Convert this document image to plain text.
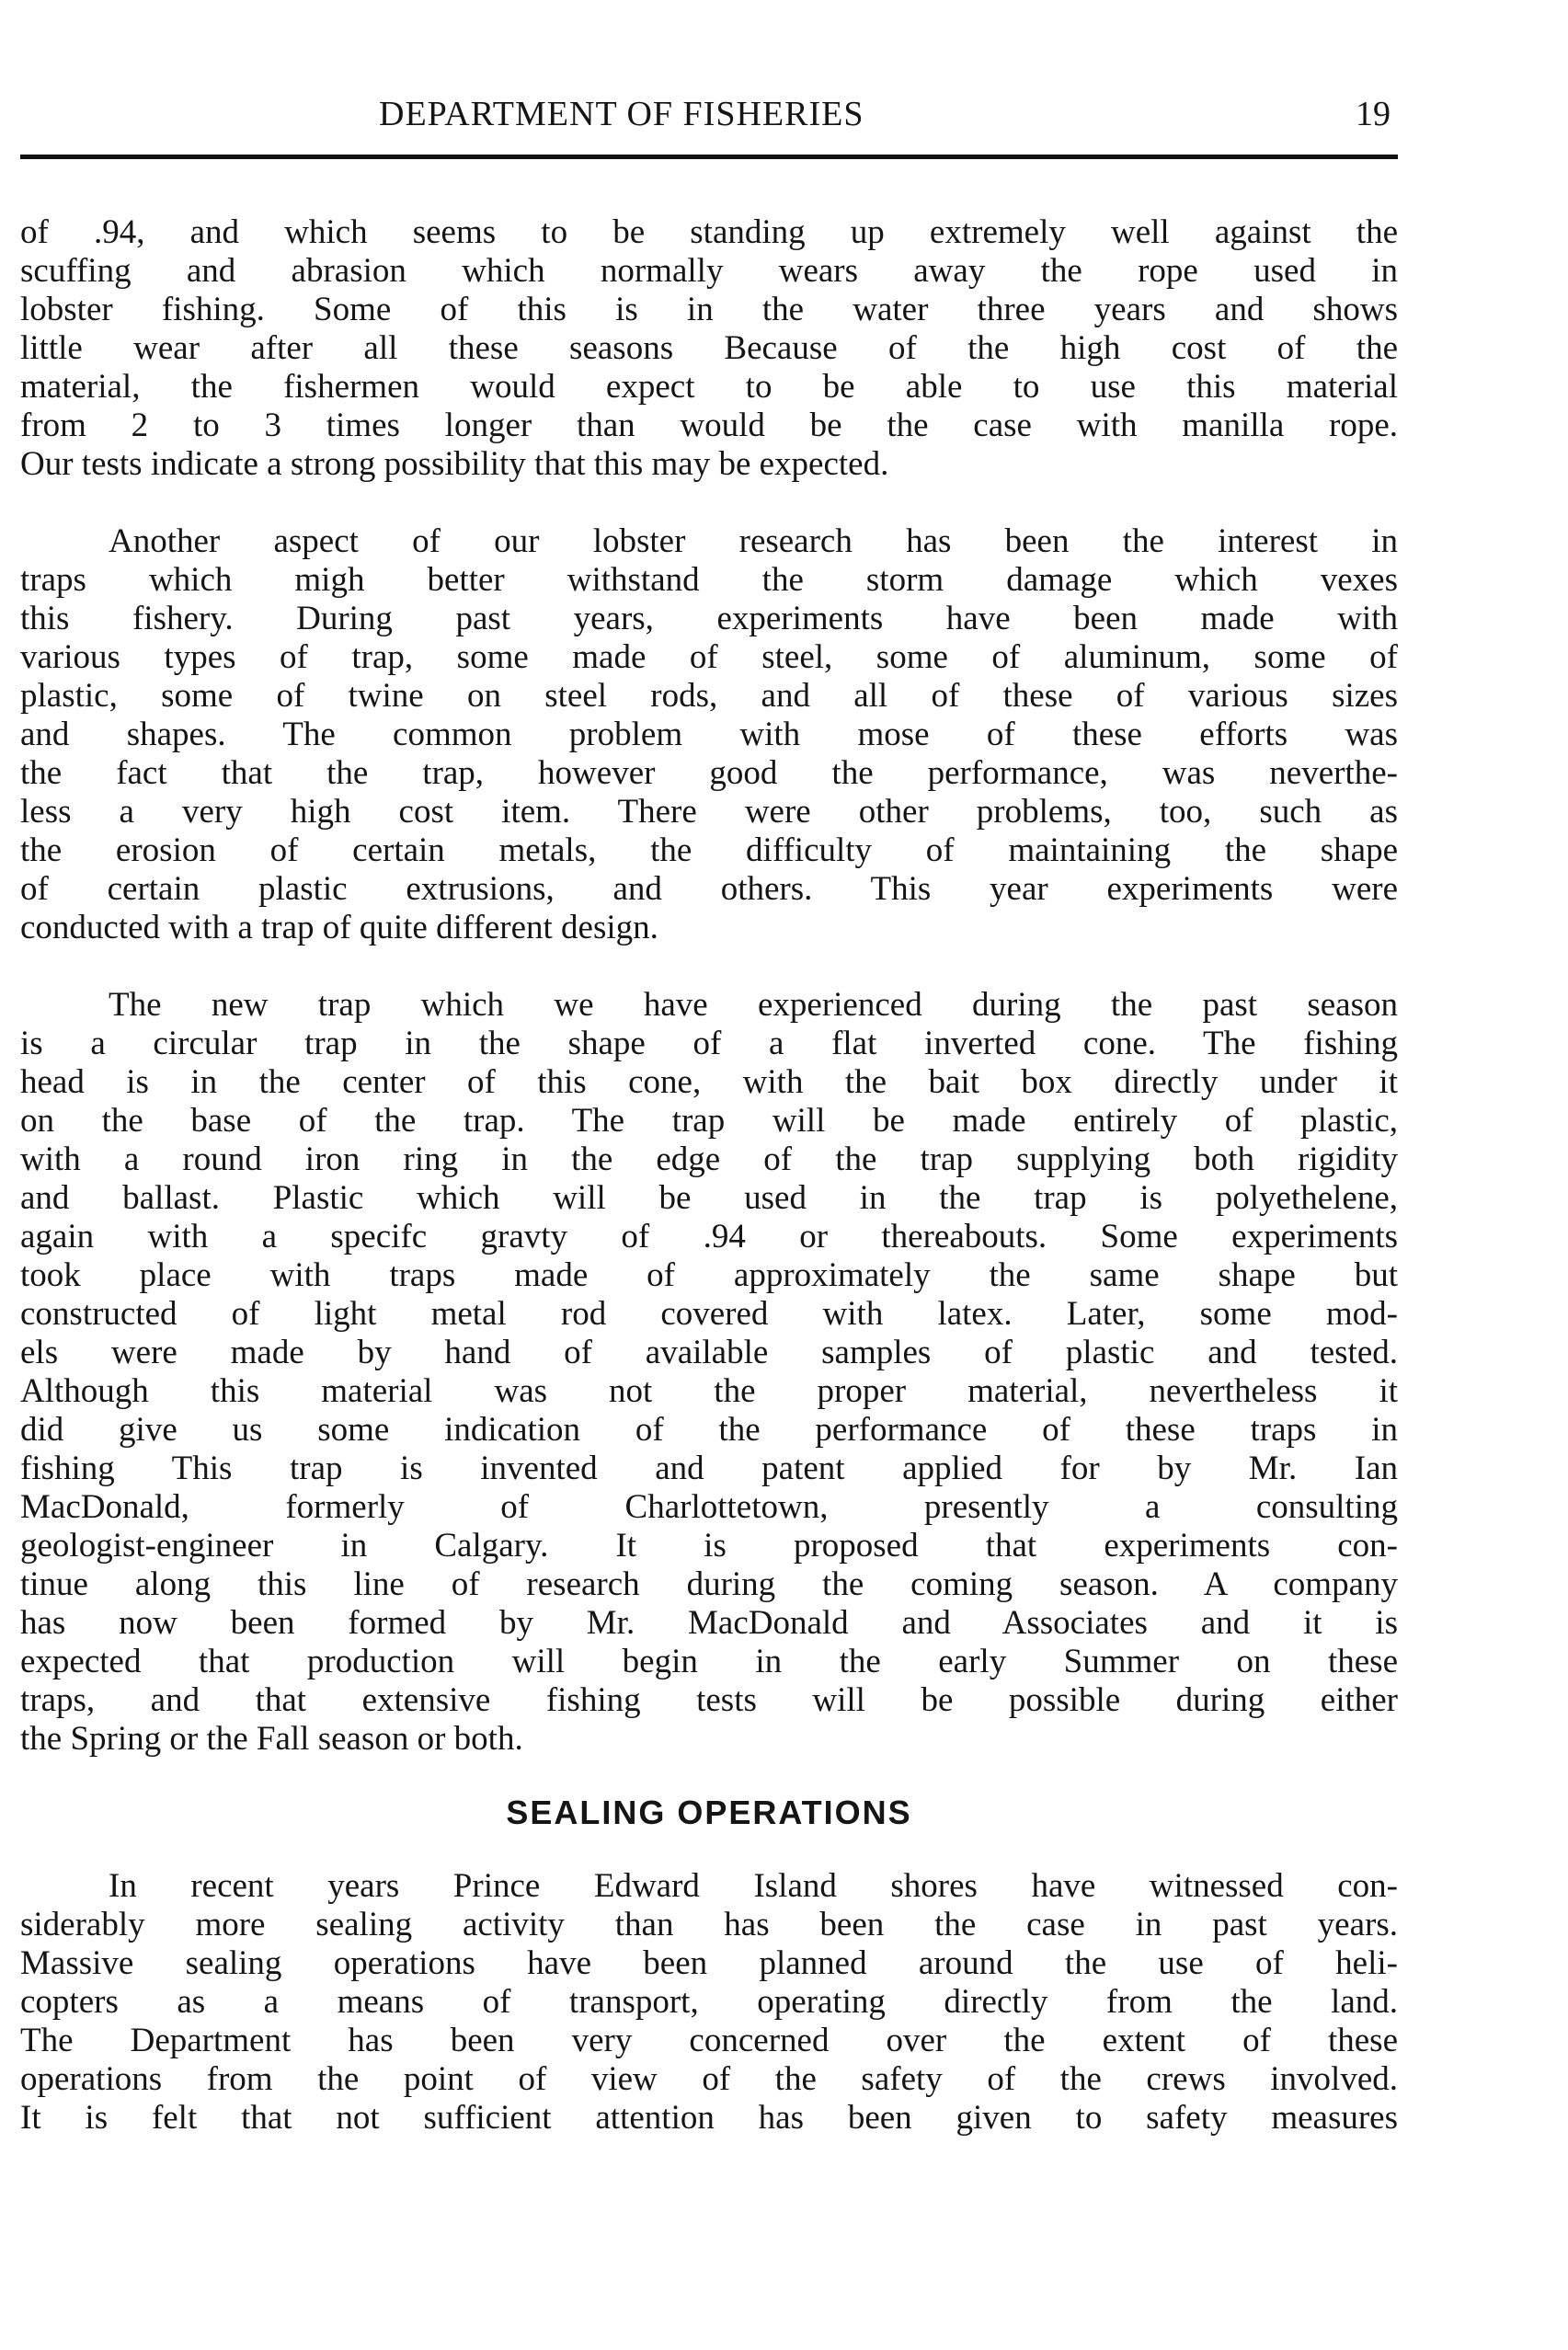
DEPARTMENT OF FISHERIES	19
of .94, and which seems to be standing up extremely well against the
scuffing and abrasion which normally wears away the rope used in
lobster fishing. Some of this is in the water three years and shows
little wear after all these seasons Because of the high cost of the
material, the fishermen would expect to be able to use this material
from 2 to 3 times longer than would be the case with manilla rope.
Our tests indicate a strong possibility that this may be expected.
Another aspect of our lobster research has been the interest in
traps which migh better withstand the storm damage which vexes
this fishery. During past years, experiments have been made with
various types of trap, some made of steel, some of aluminum, some of
plastic, some of twine on steel rods, and all of these of various sizes
and shapes. The common problem with mose of these efforts was
the fact that the trap, however good the performance, was neverthe-
less a very high cost item. There were other problems, too, such as
the erosion of certain metals, the difficulty of maintaining the shape
of certain plastic extrusions, and others. This year experiments were
conducted with a trap of quite different design.
The new trap which we have experienced during the past season
is a circular trap in the shape of a flat inverted cone. The fishing
head is in the center of this cone, with the bait box directly under it
on the base of the trap. The trap will be made entirely of plastic,
with a round iron ring in the edge of the trap supplying both rigidity
and ballast. Plastic which will be used in the trap is polyethelene,
again with a specifc gravty of .94 or thereabouts. Some experiments
took place with traps made of approximately the same shape but
constructed of light metal rod covered with latex. Later, some mod-
els were made by hand of available samples of plastic and tested.
Although this material was not the proper material, nevertheless it
did give us some indication of the performance of these traps in
fishing This trap is invented and patent applied for by Mr. Ian
MacDonald, formerly of Charlottetown, presently a consulting
geologist-engineer in Calgary. It is proposed that experiments con-
tinue along this line of research during the coming season. A company
has now been formed by Mr. MacDonald and Associates and it is
expected that production will begin in the early Summer on these
traps, and that extensive fishing tests will be possible during either
the Spring or the Fall season or both.
SEALING OPERATIONS
In recent years Prince Edward Island shores have witnessed con-
siderably more sealing activity than has been the case in past years.
Massive sealing operations have been planned around the use of heli-
copters as a means of transport, operating directly from the land.
The Department has been very concerned over the extent of these
operations from the point of view of the safety of the crews involved.
It is felt that not sufficient attention has been given to safety measures
